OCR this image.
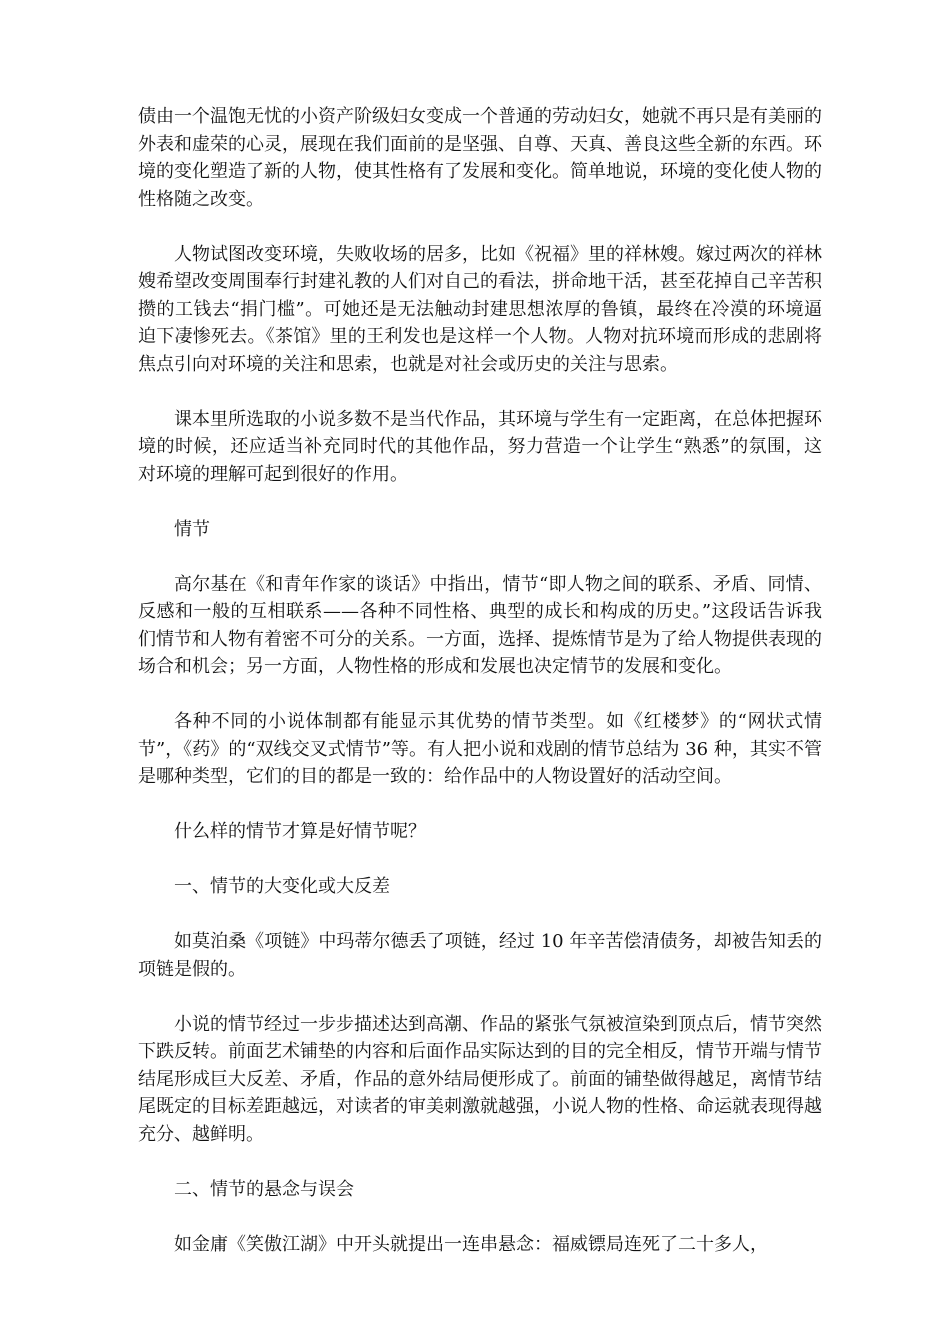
债由一个温饱无忧的小资产阶级妇女变成一个普通的劳动妇女，她就不再只是有美丽的外表和虚荣的心灵，展现在我们面前的是坚强、自尊、天真、善良这些全新的东西。环境的变化塑造了新的人物，使其性格有了发展和变化。简单地说，环境的变化使人物的性格随之改变。

人物试图改变环境，失败收场的居多，比如《祝福》里的祥林嫂。嫁过两次的祥林嫂希望改变周围奉行封建礼教的人们对自己的看法，拼命地干活，甚至花掉自己辛苦积攒的工钱去“捐门槛”。可她还是无法触动封建思想浓厚的鲁镇，最终在冷漠的环境逼迫下凄惨死去。《茶馆》里的王利发也是这样一个人物。人物对抗环境而形成的悲剧将焦点引向对环境的关注和思索，也就是对社会或历史的关注与思索。

课本里所选取的小说多数不是当代作品，其环境与学生有一定距离，在总体把握环境的时候，还应适当补充同时代的其他作品，努力营造一个让学生“熟悉”的氛围，这对环境的理解可起到很好的作用。

情节

高尔基在《和青年作家的谈话》中指出，情节“即人物之间的联系、矛盾、同情、反感和一般的互相联系——各种不同性格、典型的成长和构成的历史。”这段话告诉我们情节和人物有着密不可分的关系。一方面，选择、提炼情节是为了给人物提供表现的场合和机会；另一方面，人物性格的形成和发展也决定情节的发展和变化。

各种不同的小说体制都有能显示其优势的情节类型。如《红楼梦》的“网状式情节”，《药》的“双线交叉式情节”等。有人把小说和戏剧的情节总结为 36 种，其实不管是哪种类型，它们的目的都是一致的：给作品中的人物设置好的活动空间。

什么样的情节才算是好情节呢？

一、情节的大变化或大反差

如莫泊桑《项链》中玛蒂尔德丢了项链，经过 10 年辛苦偿清债务，却被告知丢的项链是假的。

小说的情节经过一步步描述达到高潮、作品的紧张气氛被渲染到顶点后，情节突然下跌反转。前面艺术铺垫的内容和后面作品实际达到的目的完全相反，情节开端与情节结尾形成巨大反差、矛盾，作品的意外结局便形成了。前面的铺垫做得越足，离情节结尾既定的目标差距越远，对读者的审美刺激就越强，小说人物的性格、命运就表现得越充分、越鲜明。

二、情节的悬念与误会

如金庸《笑傲江湖》中开头就提出一连串悬念：福威镖局连死了二十多人，
